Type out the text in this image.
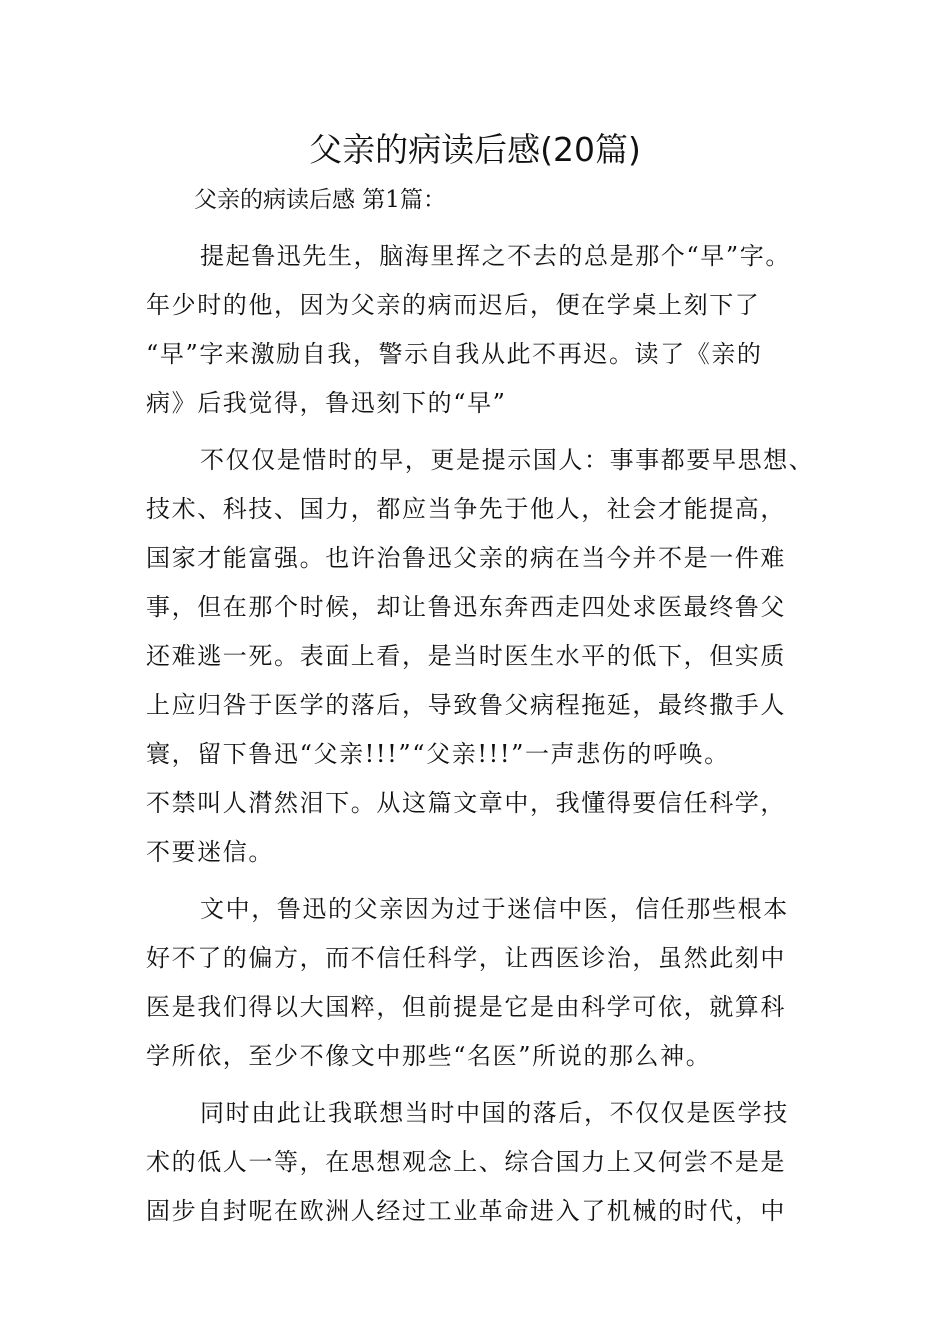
父亲的病读后感(20篇)
父亲的病读后感 第1篇：
提起鲁迅先生，脑海里挥之不去的总是那个“早”字。
年少时的他，因为父亲的病而迟后，便在学桌上刻下了
“早”字来激励自我，警示自我从此不再迟。读了《亲的
病》后我觉得，鲁迅刻下的“早”
不仅仅是惜时的早，更是提示国人：事事都要早思想、
技术、科技、国力，都应当争先于他人，社会才能提高，
国家才能富强。也许治鲁迅父亲的病在当今并不是一件难
事，但在那个时候，却让鲁迅东奔西走四处求医最终鲁父
还难逃一死。表面上看，是当时医生水平的低下，但实质
上应归咎于医学的落后，导致鲁父病程拖延，最终撒手人
寰，留下鲁迅“父亲!!!”“父亲!!!”一声悲伤的呼唤。
不禁叫人潸然泪下。从这篇文章中，我懂得要信任科学，
不要迷信。
文中，鲁迅的父亲因为过于迷信中医，信任那些根本
好不了的偏方，而不信任科学，让西医诊治，虽然此刻中
医是我们得以大国粹，但前提是它是由科学可依，就算科
学所依，至少不像文中那些“名医”所说的那么神。
同时由此让我联想当时中国的落后，不仅仅是医学技
术的低人一等，在思想观念上、综合国力上又何尝不是是
固步自封呢在欧洲人经过工业革命进入了机械的时代，中
